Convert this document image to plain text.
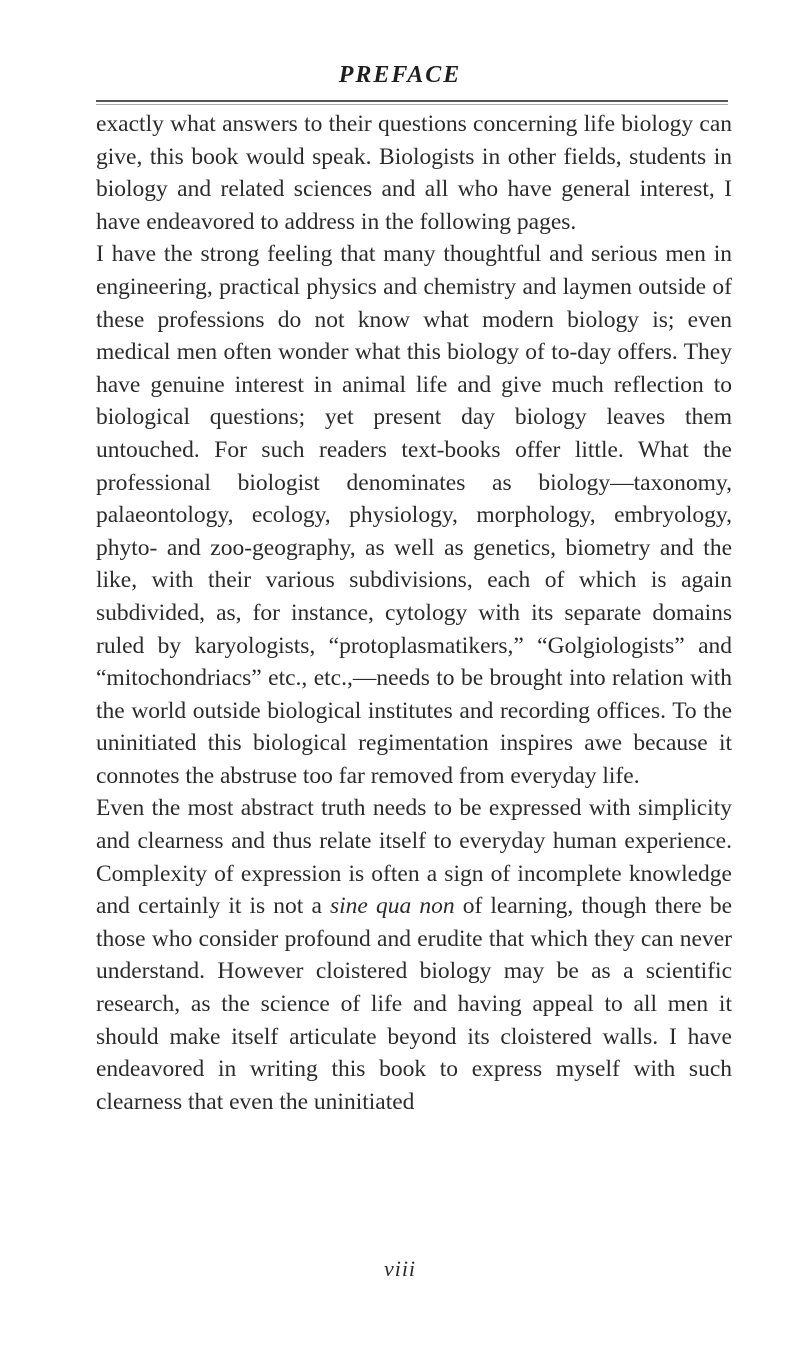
PREFACE

exactly what answers to their questions concerning life biology can give, this book would speak. Biologists in other fields, students in biology and related sciences and all who have general interest, I have endeavored to address in the following pages.

I have the strong feeling that many thoughtful and serious men in engineering, practical physics and chemistry and laymen outside of these professions do not know what modern biology is; even medical men often wonder what this biology of to-day offers. They have genuine interest in animal life and give much reflection to biological questions; yet present day biology leaves them untouched. For such readers text-books offer little. What the professional biologist denominates as biology—taxonomy, palaeontology, ecology, physiology, morphology, embryology, phyto- and zoo-geography, as well as genetics, biometry and the like, with their various subdivisions, each of which is again subdivided, as, for instance, cytology with its separate domains ruled by karyologists, “protoplasmatikers,” “Golgiologists” and “mitochondriacs” etc., etc.,—needs to be brought into relation with the world outside biological institutes and recording offices. To the uninitiated this biological regimentation inspires awe because it connotes the abstruse too far removed from everyday life.

Even the most abstract truth needs to be expressed with simplicity and clearness and thus relate itself to everyday human experience. Complexity of expression is often a sign of incomplete knowledge and certainly it is not a sine qua non of learning, though there be those who consider profound and erudite that which they can never understand. However cloistered biology may be as a scientific research, as the science of life and having appeal to all men it should make itself articulate beyond its cloistered walls. I have endeavored in writing this book to express myself with such clearness that even the uninitiated

viii
